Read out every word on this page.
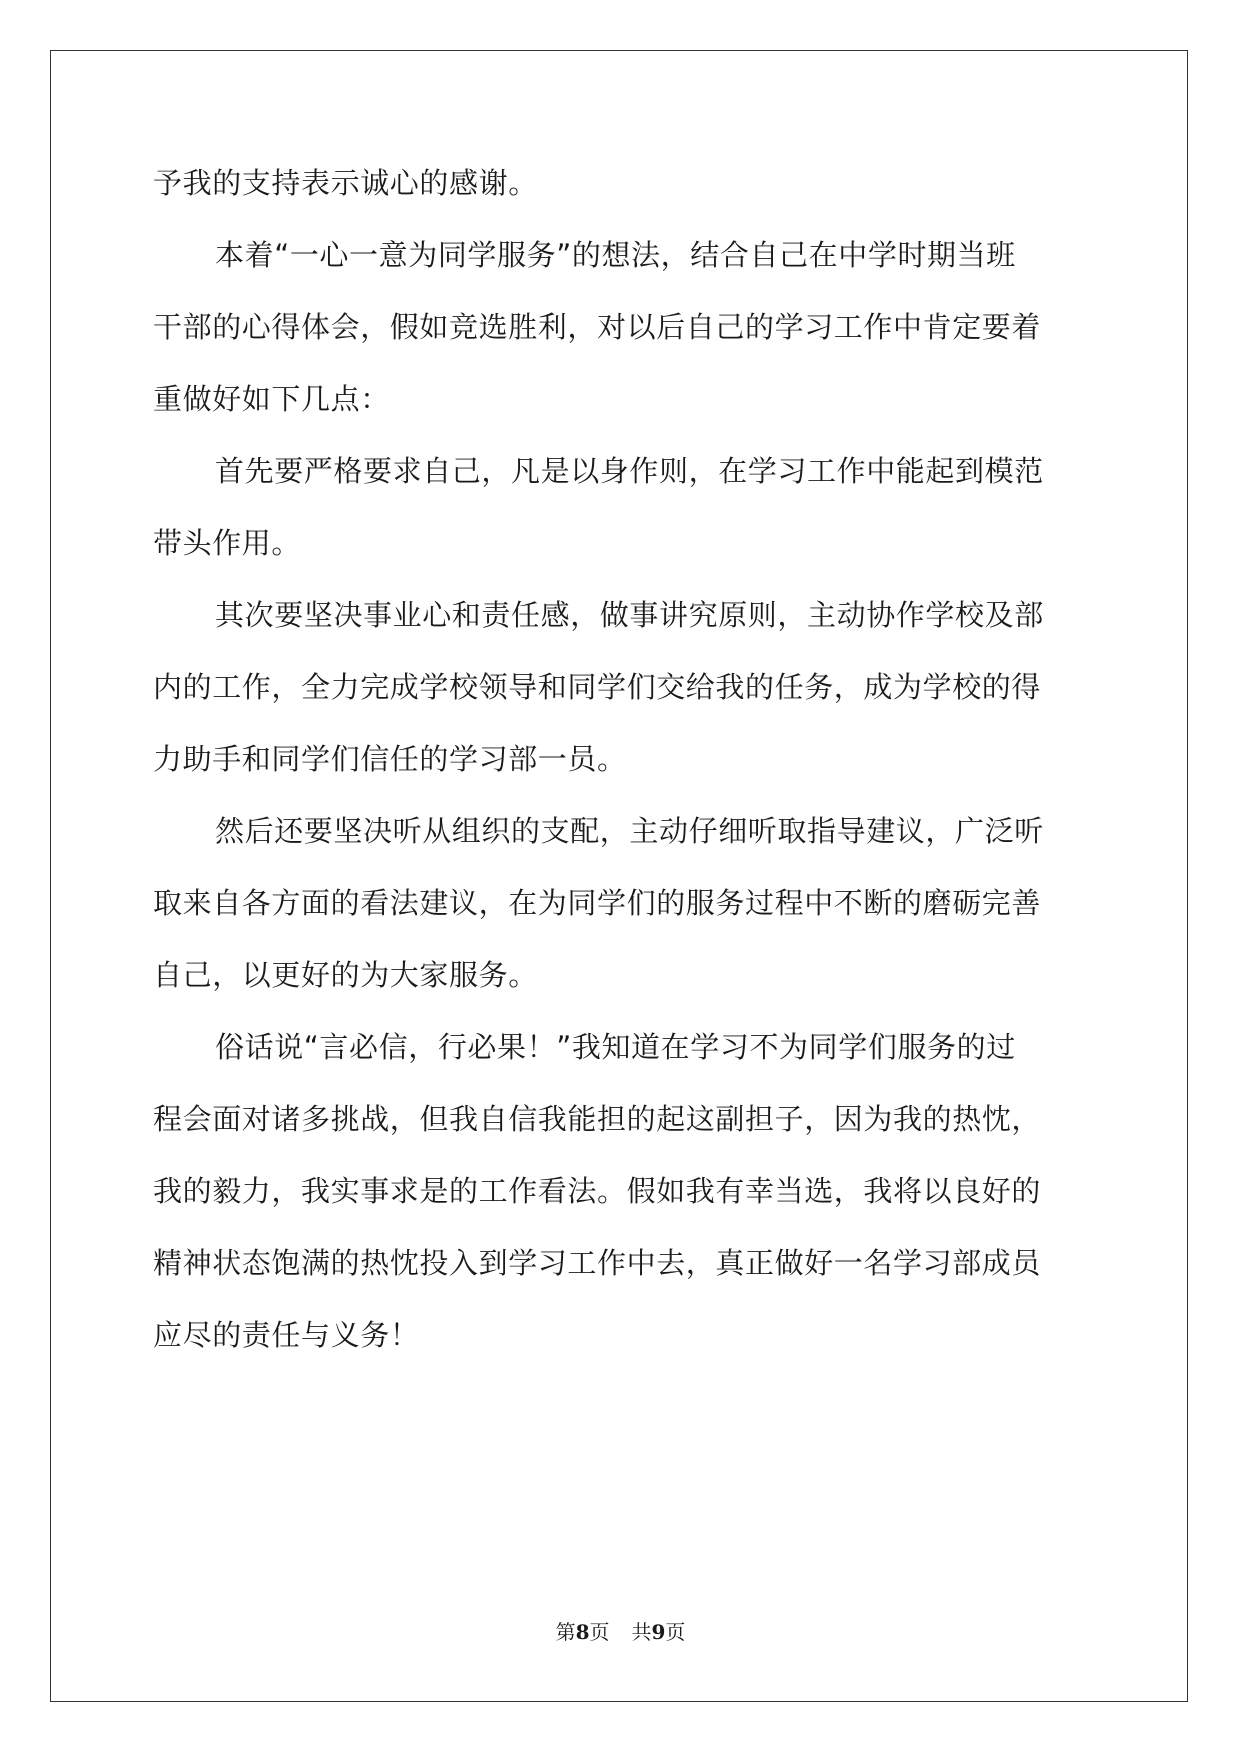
予我的支持表示诚心的感谢。
本着“一心一意为同学服务”的想法，结合自己在中学时期当班
干部的心得体会，假如竞选胜利，对以后自己的学习工作中肯定要着
重做好如下几点：
首先要严格要求自己，凡是以身作则，在学习工作中能起到模范
带头作用。
其次要坚决事业心和责任感，做事讲究原则，主动协作学校及部
内的工作，全力完成学校领导和同学们交给我的任务，成为学校的得
力助手和同学们信任的学习部一员。
然后还要坚决听从组织的支配，主动仔细听取指导建议，广泛听
取来自各方面的看法建议，在为同学们的服务过程中不断的磨砺完善
自己，以更好的为大家服务。
俗话说“言必信，行必果！”我知道在学习不为同学们服务的过
程会面对诸多挑战，但我自信我能担的起这副担子，因为我的热忱，
我的毅力，我实事求是的工作看法。假如我有幸当选，我将以良好的
精神状态饱满的热忱投入到学习工作中去，真正做好一名学习部成员
应尽的责任与义务！
第8页 共9页
